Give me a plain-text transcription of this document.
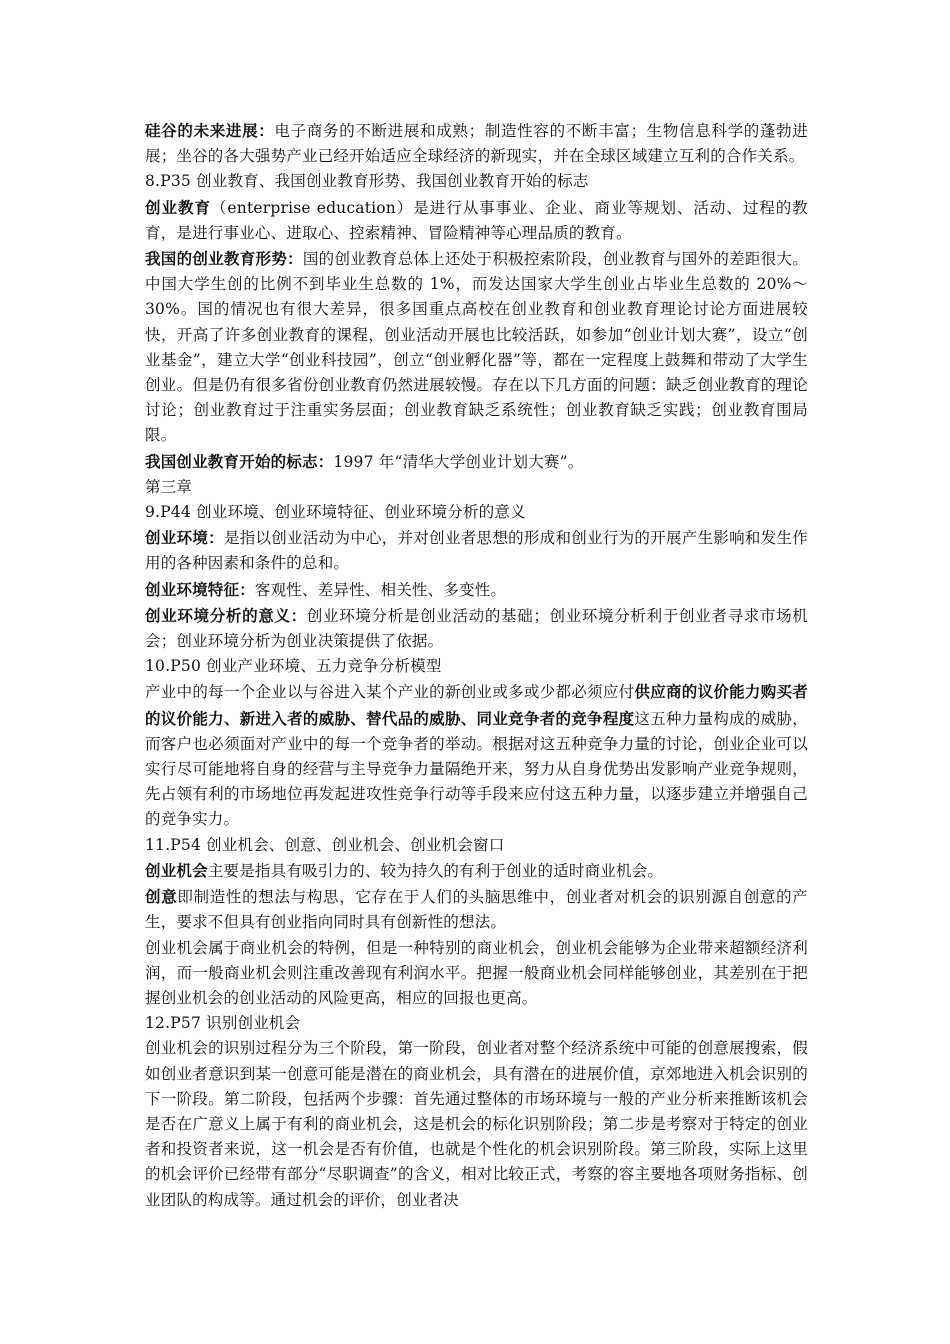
硅谷的未来进展：电子商务的不断进展和成熟；制造性容的不断丰富；生物信息科学的蓬勃进展；坐谷的各大强势产业已经开始适应全球经济的新现实，并在全球区域建立互利的合作关系。

8.P35 创业教育、我国创业教育形势、我国创业教育开始的标志

创业教育（enterprise education）是进行从事事业、企业、商业等规划、活动、过程的教育，是进行事业心、进取心、控索精神、冒险精神等心理品质的教育。

我国的创业教育形势：国的创业教育总体上还处于积极控索阶段，创业教育与国外的差距很大。中国大学生创的比例不到毕业生总数的 1%，而发达国家大学生创业占毕业生总数的 20%～30%。国的情况也有很大差异，很多国重点高校在创业教育和创业教育理论讨论方面进展较快，开高了许多创业教育的课程，创业活动开展也比较活跃，如参加“创业计划大赛”，设立“创业基金”，建立大学“创业科技园”，创立“创业孵化器”等，都在一定程度上鼓舞和带动了大学生创业。但是仍有很多省份创业教育仍然进展较慢。存在以下几方面的问题：缺乏创业教育的理论讨论；创业教育过于注重实务层面；创业教育缺乏系统性；创业教育缺乏实践；创业教育围局限。

我国创业教育开始的标志：1997 年“清华大学创业计划大赛”。

第三章

9.P44 创业环境、创业环境特征、创业环境分析的意义

创业环境：是指以创业活动为中心，并对创业者思想的形成和创业行为的开展产生影响和发生作用的各种因素和条件的总和。

创业环境特征：客观性、差异性、相关性、多变性。

创业环境分析的意义：创业环境分析是创业活动的基础；创业环境分析利于创业者寻求市场机会；创业环境分析为创业决策提供了依据。

10.P50 创业产业环境、五力竞争分析模型

产业中的每一个企业以与谷进入某个产业的新创业或多或少都必须应付供应商的议价能力购买者的议价能力、新进入者的威胁、替代品的威胁、同业竞争者的竞争程度这五种力量构成的威胁，而客户也必须面对产业中的每一个竞争者的举动。根据对这五种竞争力量的讨论，创业企业可以实行尽可能地将自身的经营与主导竞争力量隔绝开来，努力从自身优势出发影响产业竞争规则，先占领有利的市场地位再发起进攻性竞争行动等手段来应付这五种力量，以逐步建立并增强自己的竞争实力。

11.P54 创业机会、创意、创业机会、创业机会窗口

创业机会主要是指具有吸引力的、较为持久的有利于创业的适时商业机会。

创意即制造性的想法与构思，它存在于人们的头脑思维中，创业者对机会的识别源自创意的产生，要求不但具有创业指向同时具有创新性的想法。

创业机会属于商业机会的特例，但是一种特别的商业机会，创业机会能够为企业带来超额经济利润，而一般商业机会则注重改善现有利润水平。把握一般商业机会同样能够创业，其差别在于把握创业机会的创业活动的风险更高，相应的回报也更高。

12.P57 识别创业机会

创业机会的识别过程分为三个阶段，第一阶段，创业者对整个经济系统中可能的创意展搜索，假如创业者意识到某一创意可能是潜在的商业机会，具有潜在的进展价值，京郊地进入机会识别的下一阶段。第二阶段，包括两个步骤：首先通过整体的市场环境与一般的产业分析来推断该机会是否在广意义上属于有利的商业机会，这是机会的标化识别阶段；第二步是考察对于特定的创业者和投资者来说，这一机会是否有价值，也就是个性化的机会识别阶段。第三阶段，实际上这里的机会评价已经带有部分“尽职调查”的含义，相对比较正式，考察的容主要地各项财务指标、创业团队的构成等。通过机会的评价，创业者决
